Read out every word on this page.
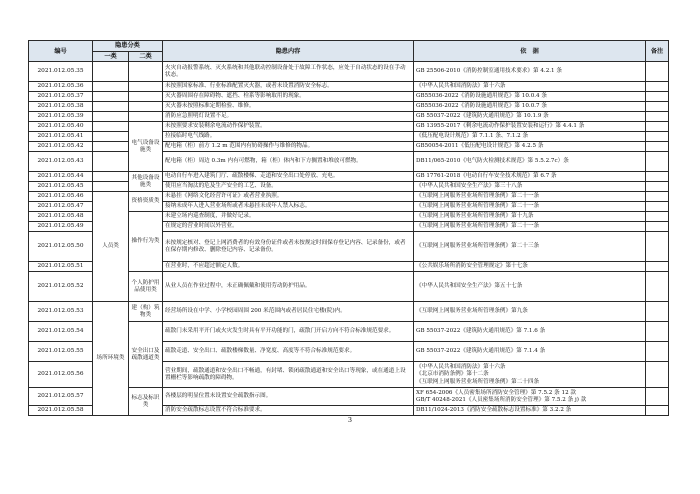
编号	隐患分类		隐患内容	依　据	备注
	一类	二类			
2021.012.05.35			火灾自动报警系统、灭火系统和其他联动控制设备处于故障工作状态，应处于自动状态的设在手动状态。	GB 25506-2010《消防控制室通用技术要求》第 4.2.1 条	
2021.012.05.36			未按照国家标准、行业标准配置灭火器，或者未设置消防安全标志。	《中华人民共和国消防法》第十六条	
2021.012.05.37			灭火器周围存在障碍物、遮挡、栓系等影响取用的现象。	GB55036-2022《消防设施通用规范》第 10.0.4 条	
2021.012.05.38			灭火器未按照标准定期检验、维修。	GB55036-2022《消防设施通用规范》第 10.0.7 条	
2021.012.05.39			消防应急照明灯设置不足。	GB 55037-2022《建筑防火通用规范》第 10.1.9 条	
2021.012.05.40		电气设备设施类	未按照要求安装剩余电流动作保护装置。	GB 13955-2017《剩余电流动作保护装置安装和运行》第 4.4.1 条	
2021.012.05.41			拉接临时电气线路。	《低压配电设计规范》第 7.1.1 条、7.1.2 条	
2021.012.05.42			配电箱（柜）前方 1.2 m 范围内有妨碍操作与维修的物品。	GB50054-2011《低压配电设计规范》第 4.2.5 条	
2021.012.05.43			配电箱（柜）周边 0.3m 内有可燃物，箱（柜）体内和下方搁置和堆放可燃物。	DB11/065-2010《电气防火检测技术规范》第 5.5.2.7c）条	
2021.012.05.44		其他设备设施类	电动自行车进入建筑门厅、疏散楼梯、走道和安全出口处停放、充电。	GB 17761-2018《电动自行车安全技术规范》第 6.7 条	
2021.012.05.45			使用应当淘汰的危及生产安全的工艺、设备。	《中华人民共和国安全生产法》第三十八条	
2021.012.05.46	人员类	资格资质类	未悬挂《网络文化经营许可证》或者营业执照。	《互联网上网服务营业场所管理条例》第二十一条	
2021.012.05.47			接纳未成年人进入营业场所或者未悬挂未成年人禁入标志。	《互联网上网服务营业场所管理条例》第二十一条	
2021.012.05.48		操作行为类	未建立场内巡查制度，并做好记录。	《互联网上网服务营业场所管理条例》第十九条	
2021.012.05.49			在规定的营业时间以外营业。	《互联网上网服务营业场所管理条例》第二十一条	
2021.012.05.50			未按规定核对、登记上网消费者的有效身份证件或者未按规定时间保存登记内容、记录备份，或者在保存期内修改、删除登记内容、记录备份。	《互联网上网服务营业场所管理条例》第二十三条	
2021.012.05.51			在营业时，不应超过额定人数。	《公共娱乐场所消防安全管理规定》第十七条	
2021.012.05.52		个人防护用品使用类	从业人员在作业过程中，未正确佩戴和使用劳动防护用品。	《中华人民共和国安全生产法》第五十七条	
2021.012.05.53	场所环境类	建（构）筑物类	经营场所设在中学、小学校园周围 200 米范围内或者居民住宅楼(院)内。	《互联网上网服务营业场所管理条例》第九条	
2021.012.05.54		安全出口及疏散通道类	疏散门未采用平开门或火灾发生时具有平开功能的门，疏散门开启方向不符合标准规范要求。	GB 55037-2022《建筑防火通用规范》第 7.1.6 条	
2021.012.05.55			疏散走道、安全出口、疏散楼梯数量、净宽度、高度等不符合标准规范要求。	GB 55037-2022《建筑防火通用规范》第 7.1.4 条	
2021.012.05.56			营业期间，疏散通道和安全出口不畅通，有封堵、锁闭疏散通道和安全出口等现象，或在通道上设置栅栏等影响疏散的障碍物。	《中华人民共和国消防法》第十六条
《北京市消防条例》第十二条
《互联网上网服务营业场所管理条例》第二十四条	

2021.012.05.57		标志及标识类	各楼层的明显位置未设置安全疏散指示图。	XF 654-2006《人员密集场所消防安全管理》第 7.5.2 条 12 款
GB/T 40248-2021《人员密集场所消防安全管理》第 7.5.2 条 j) 款	

2021.012.05.58			消防安全疏散标志设置不符合标准要求。	DB11/1024-2013《消防安全疏散标志设置标准》第 3.2.2 条	
3
